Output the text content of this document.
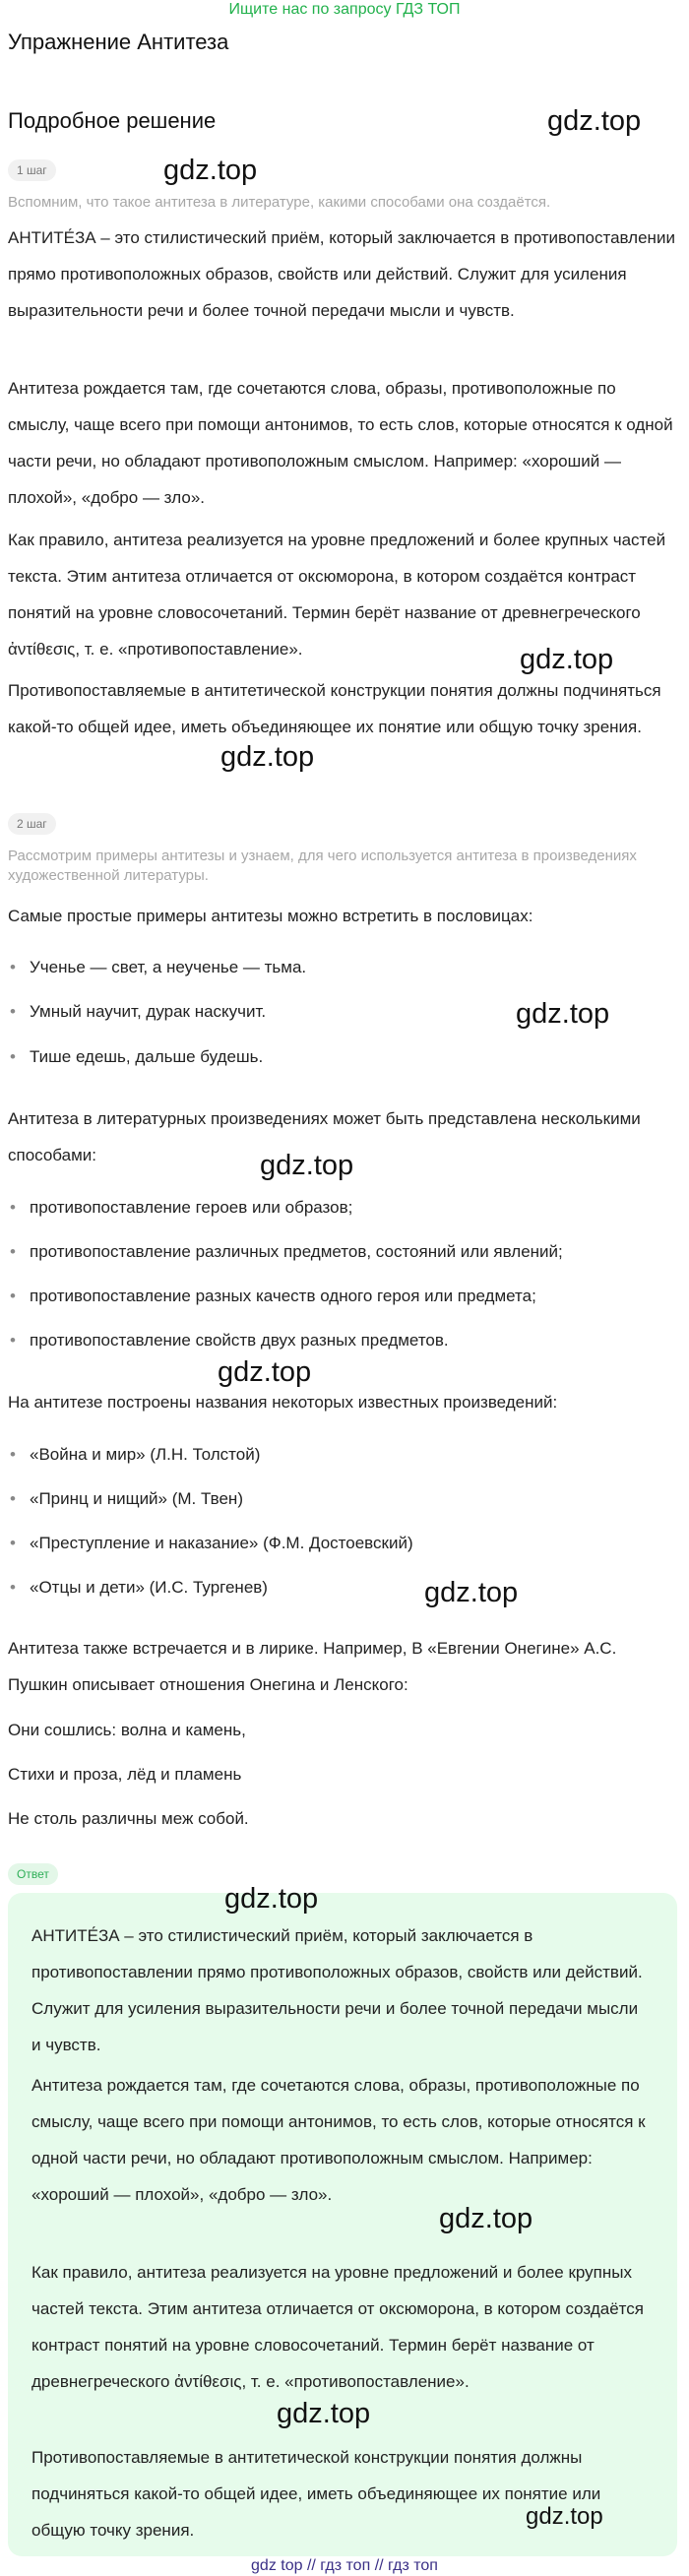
Ищите нас по запросу ГДЗ ТОП
Упражнение Антитеза
Подробное решение	gdz.top
1 шаг	gdz.top
Вспомним, что такое антитеза в литературе, какими способами она создаётся.

АНТИТЕ́ЗА – это стилистический приём, который заключается в противопоставлении прямо противоположных образов, свойств или действий. Служит для усиления выразительности речи и более точной передачи мысли и чувств.

Антитеза рождается там, где сочетаются слова, образы, противоположные по смыслу, чаще всего при помощи антонимов, то есть слов, которые относятся к одной части речи, но обладают противоположным смыслом. Например: «хороший — плохой», «добро — зло».

Как правило, антитеза реализуется на уровне предложений и более крупных частей текста. Этим антитеза отличается от оксюморона, в котором создаётся контраст понятий на уровне словосочетаний. Термин берёт название от древнегреческого ἀντίθεσις, т. е. «противопоставление».	gdz.top

Противопоставляемые в антитетической конструкции понятия должны подчиняться какой-то общей идее, иметь объединяющее их понятие или общую точку зрения.

gdz.top
2 шаг
Рассмотрим примеры антитезы и узнаем, для чего используется антитеза в произведениях художественной литературы.

Самые простые примеры антитезы можно встретить в пословицах:

• Ученье — свет, а неученье — тьма.
• Умный научит, дурак наскучит.	gdz.top
• Тише едешь, дальше будешь.

Антитеза в литературных произведениях может быть представлена несколькими способами:	gdz.top
• противопоставление героев или образов;
• противопоставление различных предметов, состояний или явлений;
• противопоставление разных качеств одного героя или предмета;
• противопоставление свойств двух разных предметов.
gdz.top

На антитезе построены названия некоторых известных произведений:

• «Война и мир» (Л.Н. Толстой)
• «Принц и нищий» (М. Твен)
• «Преступление и наказание» (Ф.М. Достоевский)
• «Отцы и дети» (И.С. Тургенев)	gdz.top

Антитеза также встречается и в лирике. Например, В «Евгении Онегине» А.С. Пушкин описывает отношения Онегина и Ленского:

Они сошлись: волна и камень,

Стихи и проза, лёд и пламень

Не столь различны меж собой.

Ответ
gdz.top

АНТИТЕ́ЗА – это стилистический приём, который заключается в противопоставлении прямо противоположных образов, свойств или действий. Служит для усиления выразительности речи и более точной передачи мысли и чувств.

Антитеза рождается там, где сочетаются слова, образы, противоположные по смыслу, чаще всего при помощи антонимов, то есть слов, которые относятся к одной части речи, но обладают противоположным смыслом. Например: «хороший — плохой», «добро — зло».

gdz.top

Как правило, антитеза реализуется на уровне предложений и более крупных частей текста. Этим антитеза отличается от оксюморона, в котором создаётся контраст понятий на уровне словосочетаний. Термин берёт название от древнегреческого ἀντίθεσις, т. е. «противопоставление».

gdz.top

Противопоставляемые в антитетической конструкции понятия должны подчиняться какой-то общей идее, иметь объединяющее их понятие или общую точку зрения.

gdz.top
gdz top // гдз топ // гдз топ
